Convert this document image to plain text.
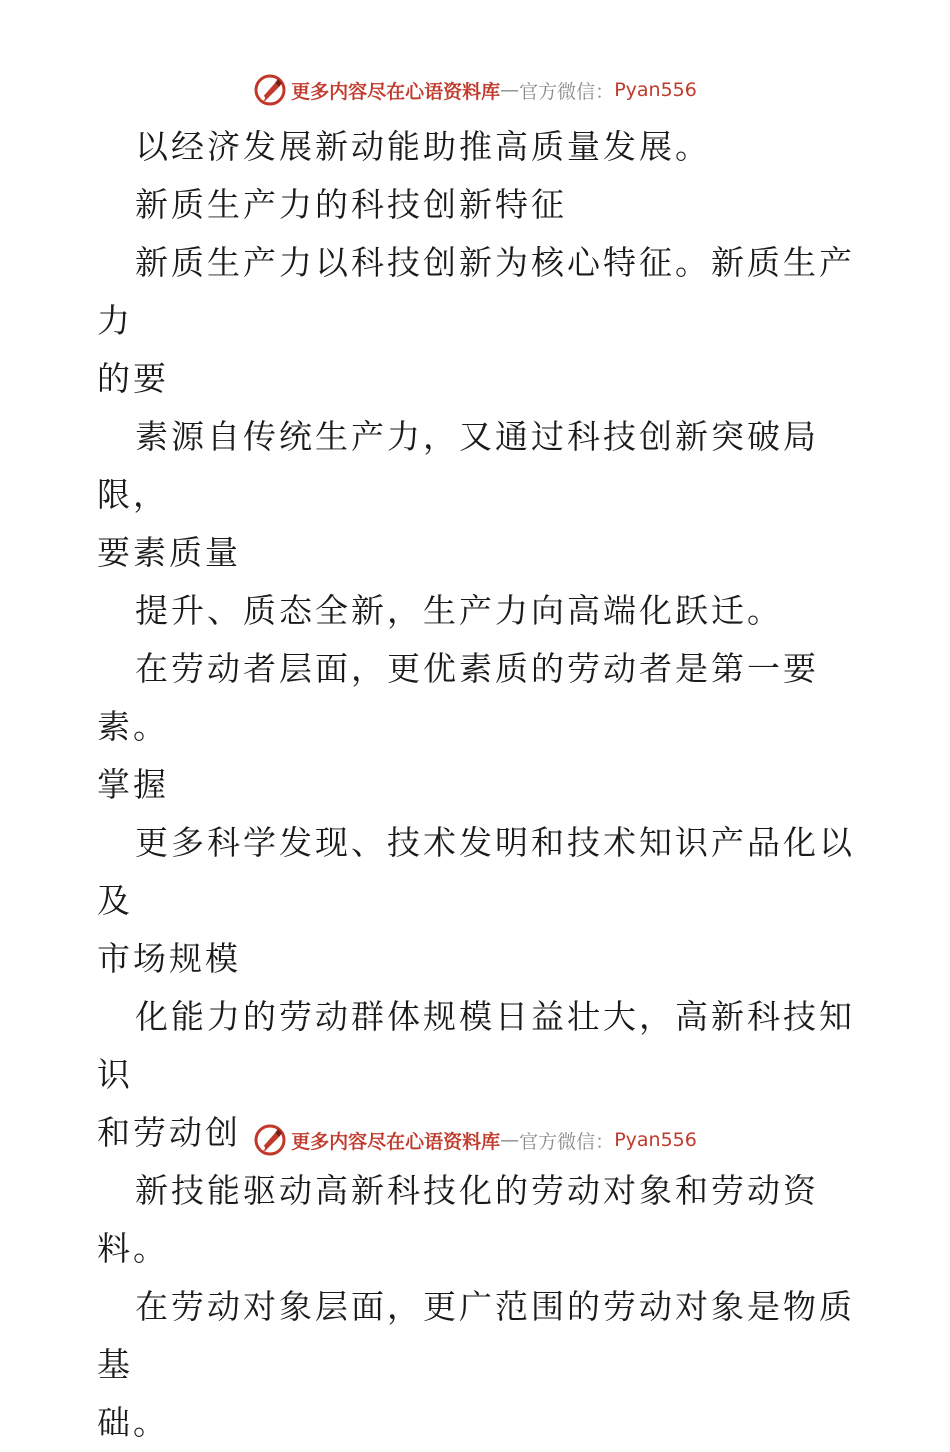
更多内容尽在心语资料库 — 官方微信： Pyan556

以经济发展新动能助推高质量发展。

新质生产力的科技创新特征

新质生产力以科技创新为核心特征。新质生产力

的要

素源自传统生产力，又通过科技创新突破局限，

要素质量

提升、质态全新，生产力向高端化跃迁。

在劳动者层面，更优素质的劳动者是第一要素。

掌握

更多科学发现、技术发明和技术知识产品化以及

市场规模

化能力的劳动群体规模日益壮大，高新科技知识

和劳动创

新技能驱动高新科技化的劳动对象和劳动资料。

在劳动对象层面，更广范围的劳动对象是物质基

础。

更多内容尽在心语资料库 — 官方微信： Pyan556
